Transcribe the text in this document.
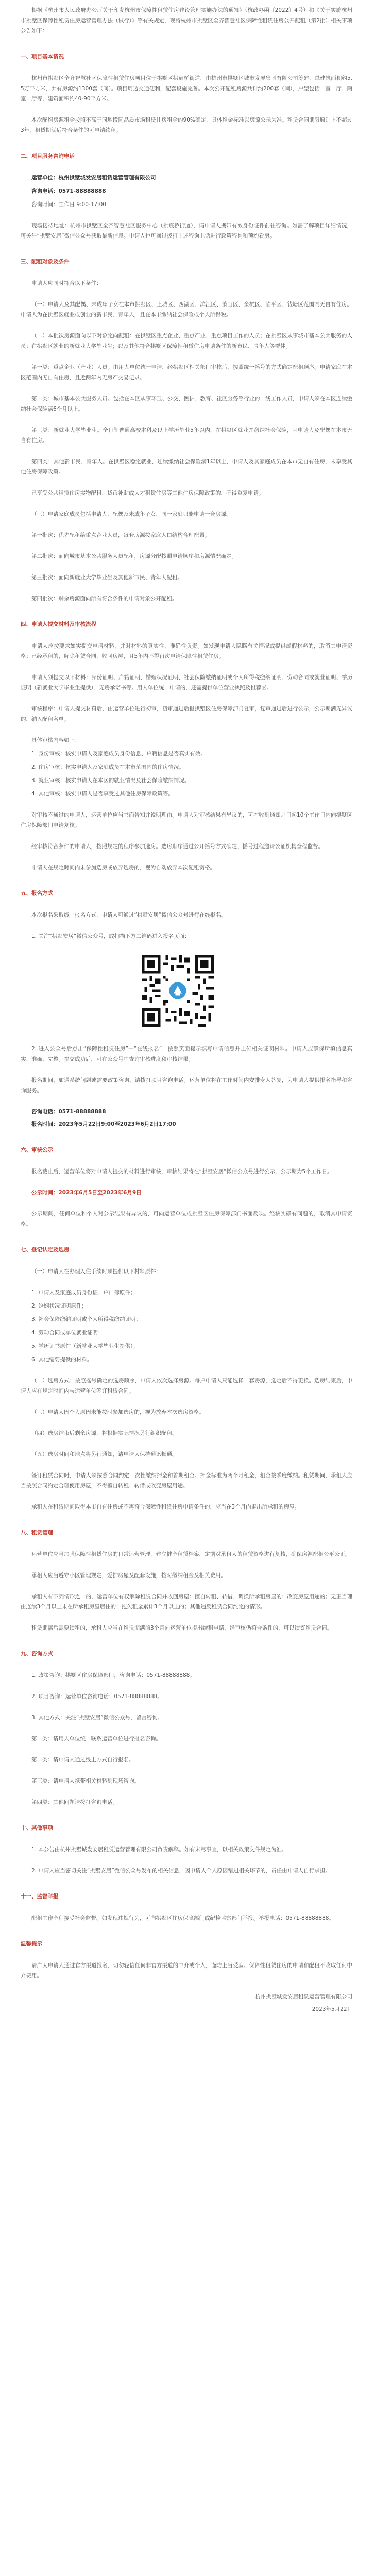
根据《杭州市人民政府办公厅关于印发杭州市保障性租赁住房建设管理实施办法的通知》（杭政办函〔2022〕4号）和《关于实施杭州市拱墅区保障性租赁住房运营管理办法（试行）》等有关规定，现将杭州市拱墅区全齐智慧社区保障性租赁住房公开配租（第2批）相关事项公告如下：

一、项目基本情况

杭州市拱墅区全齐智慧社区保障性租赁住房项目位于拱墅区拱宸桥街道，由杭州市拱墅区城市发展集团有限公司筹建，总建筑面积约5.5万平方米，共有房源约1300套（间）。项目周边交通便利，配套设施完善。本次公开配租房源共计约200套（间），户型包括一室一厅、两室一厅等，建筑面积约40-90平方米。

本次配租房源租金按照不高于同地段同品质市场租赁住房租金的90%确定，具体租金标准以房源公示为准。租赁合同期限原则上不超过3年，租赁期满后符合条件的可申请续租。

二、项目服务咨询电话

运营单位：杭州拱墅城发安居租赁运营管理有限公司

咨询电话：0571-88888888

咨询时间：工作日 9:00-17:00

现场接待地址：杭州市拱墅区全齐智慧社区服务中心（拱宸桥街道），请申请人携带有效身份证件前往咨询。如需了解项目详细情况，可关注“拱墅安居”微信公众号获取最新信息。申请人也可通过拨打上述咨询电话进行政策咨询和预约看房。

三、配租对象及条件

申请人应同时符合以下条件：

（一）申请人及其配偶、未成年子女在本市拱墅区、上城区、西湖区、滨江区、萧山区、余杭区、临平区、钱塘区范围内无自有住房。申请人为在拱墅区就业或创业的新市民、青年人，且在本市缴纳社会保险或个人所得税。

（二）本批次房源面向以下对象定向配租：在拱墅区重点企业、重点产业、重点项目工作的人员；在拱墅区从事城市基本公共服务的人员；在拱墅区就业的新就业大学毕业生；以及其他符合拱墅区保障性租赁住房申请条件的新市民、青年人等群体。

第一类：重点企业（产业）人员。由用人单位统一申请，经拱墅区相关部门审核后，按照统一摇号的方式确定配租顺序。申请家庭在本区范围内无自有住房，且近两年内无房产交易记录。

第二类：城市基本公共服务人员。包括在本区从事环卫、公交、医护、教育、社区服务等行业的一线工作人员，申请人须在本区连续缴纳社会保险满6个月以上。

第三类：新就业大学毕业生。全日制普通高校本科及以上学历毕业5年以内，在拱墅区就业并缴纳社会保险，且申请人及配偶在本市无自有住房。

第四类：其他新市民、青年人。在拱墅区稳定就业，连续缴纳社会保险满1年以上，申请人及其家庭成员在本市无自有住房，未享受其他住房保障政策。

已享受公共租赁住房实物配租、货币补贴或人才租赁住房等其他住房保障政策的，不得重复申请。

（三）申请家庭成员包括申请人、配偶及未成年子女，同一家庭只能申请一套房源。

第一批次：优先配租给重点企业人员，每套房源按家庭人口结构合理配置。

第二批次：面向城市基本公共服务人员配租，房源分配按照申请顺序和房源情况确定。

第三批次：面向新就业大学毕业生及其他新市民、青年人配租。

第四批次：剩余房源面向所有符合条件的申请对象公开配租。

四、申请人提交材料及审核流程

申请人应按要求如实提交申请材料，并对材料的真实性、准确性负责。如发现申请人隐瞒有关情况或提供虚假材料的，取消其申请资格；已经承租的，解除租赁合同，收回房屋，且5年内不得再次申请保障性租赁住房。

申请人须提交以下材料：身份证明、户籍证明、婚姻状况证明、社会保险缴纳证明或个人所得税缴纳证明、劳动合同或就业证明、学历证明（新就业大学毕业生提供）、无房承诺书等。用人单位统一申请的，还需提供单位营业执照及推荐函。

审核程序：申请人提交材料后，由运营单位进行初审，初审通过后报拱墅区住房保障部门复审，复审通过后进行公示，公示期满无异议的，纳入配租名单。

具体审核内容如下：

1. 身份审核：核实申请人及家庭成员身份信息、户籍信息是否真实有效。

2. 住房审核：核实申请人及家庭成员在本市范围内的住房情况。

3. 就业审核：核实申请人在本区的就业情况及社会保险缴纳情况。

4. 其他审核：核实申请人是否享受过其他住房保障政策等。

对审核不通过的申请人，运营单位应当书面告知并说明理由。申请人对审核结果有异议的，可在收到通知之日起10个工作日内向拱墅区住房保障部门申请复核。

经审核符合条件的申请人，按照规定的程序参加选房。选房顺序通过公开摇号方式确定，摇号过程邀请公证机构全程监督。

申请人在规定时间内未参加选房或放弃选房的，视为自动放弃本次配租资格。

五、报名方式

本次报名采取线上报名方式，申请人可通过“拱墅安居”微信公众号进行在线报名。

1. 关注“拱墅安居”微信公众号，或扫描下方二维码进入报名页面：

2. 进入公众号后点击“保障性租赁住房”—“在线报名”，按照页面提示填写申请信息并上传相关证明材料。申请人应确保所填信息真实、准确、完整。提交成功后，可在公众号中查询审核进度和审核结果。

报名期间，如遇系统问题或需要政策咨询，请拨打项目咨询电话。运营单位将在工作时间内安排专人答复，为申请人提供报名指导和咨询服务。

咨询电话：0571-88888888

报名时间：2023年5月22日9:00至2023年6月2日17:00

六、审核公示

报名截止后，运营单位将对申请人提交的材料进行审核，审核结果将在“拱墅安居”微信公众号进行公示，公示期为5个工作日。

公示时间：2023年6月5日至2023年6月9日

公示期间，任何单位和个人对公示结果有异议的，可向运营单位或拱墅区住房保障部门书面反映。经核实确有问题的，取消其申请资格。

七、登记认定及选房

（一）申请人在办理入住手续时须提供以下材料原件：

1. 申请人及家庭成员身份证、户口簿原件；

2. 婚姻状况证明原件；

3. 社会保险缴纳证明或个人所得税缴纳证明；

4. 劳动合同或单位就业证明；

5. 学历证书原件（新就业大学毕业生提供）；

6. 其他需要提供的材料。

（二）选房方式：按照摇号确定的选房顺序，申请人依次选择房源。每户申请人只能选择一套房源，选定后不得更换。选房结束后，申请人应在规定时间内与运营单位签订租赁合同。

（三）申请人因个人原因未能按时参加选房的，视为放弃本次选房资格。

（四）选房结束后剩余房源，将根据实际情况另行组织配租。

（五）选房时间和地点将另行通知，请申请人保持通讯畅通。

签订租赁合同时，申请人须按照合同约定一次性缴纳押金和首期租金。押金标准为两个月租金，租金按季度缴纳。租赁期间，承租人应当按照合同约定合理使用房屋，不得擅自转租、转借或改变房屋用途。

承租人在租赁期间取得本市自有住房或不再符合保障性租赁住房申请条件的，应当在3个月内退出所承租的房屋。

八、租赁管理

运营单位应当加强保障性租赁住房的日常运营管理，建立健全租赁档案，定期对承租人的租赁资格进行复核，确保房源配租公平公正。

承租人应当遵守小区管理规定，爱护房屋及配套设施，按时缴纳租金及相关费用。

承租人有下列情形之一的，运营单位有权解除租赁合同并收回房屋：擅自转租、转借、调换所承租房屋的；改变房屋用途的；无正当理由连续3个月以上未在所承租房屋居住的；拖欠租金累计3个月以上的；其他违反租赁合同约定的情形。

租赁期满后需要续租的，承租人应当在租赁期满前3个月向运营单位提出续租申请，经审核仍符合条件的，可以续签租赁合同。

九、咨询方式

1. 政策咨询：拱墅区住房保障部门，咨询电话：0571-88888888。

2. 项目咨询：运营单位咨询电话：0571-88888888。

3. 其他方式：关注“拱墅安居”微信公众号，留言咨询。

第一类：请用人单位统一联系运营单位进行报名咨询。

第二类：请申请人通过线上方式自行报名。

第三类：请申请人携带相关材料到现场咨询。

第四类：其他问题请拨打咨询电话。

十、其他事项

1. 本公告由杭州拱墅城发安居租赁运营管理有限公司负责解释。如有未尽事宜，以相关政策文件规定为准。

2. 申请人应当密切关注“拱墅安居”微信公众号发布的相关信息，因申请人个人原因错过相关环节的，责任由申请人自行承担。

十一、监督举报

配租工作全程接受社会监督。如发现违规行为，可向拱墅区住房保障部门或纪检监察部门举报。举报电话：0571-88888888。

温馨提示

请广大申请人通过官方渠道报名，切勿轻信任何非官方渠道的中介或个人，谨防上当受骗。保障性租赁住房的申请和配租不收取任何中介费用。

杭州拱墅城发安居租赁运营管理有限公司

2023年5月22日
